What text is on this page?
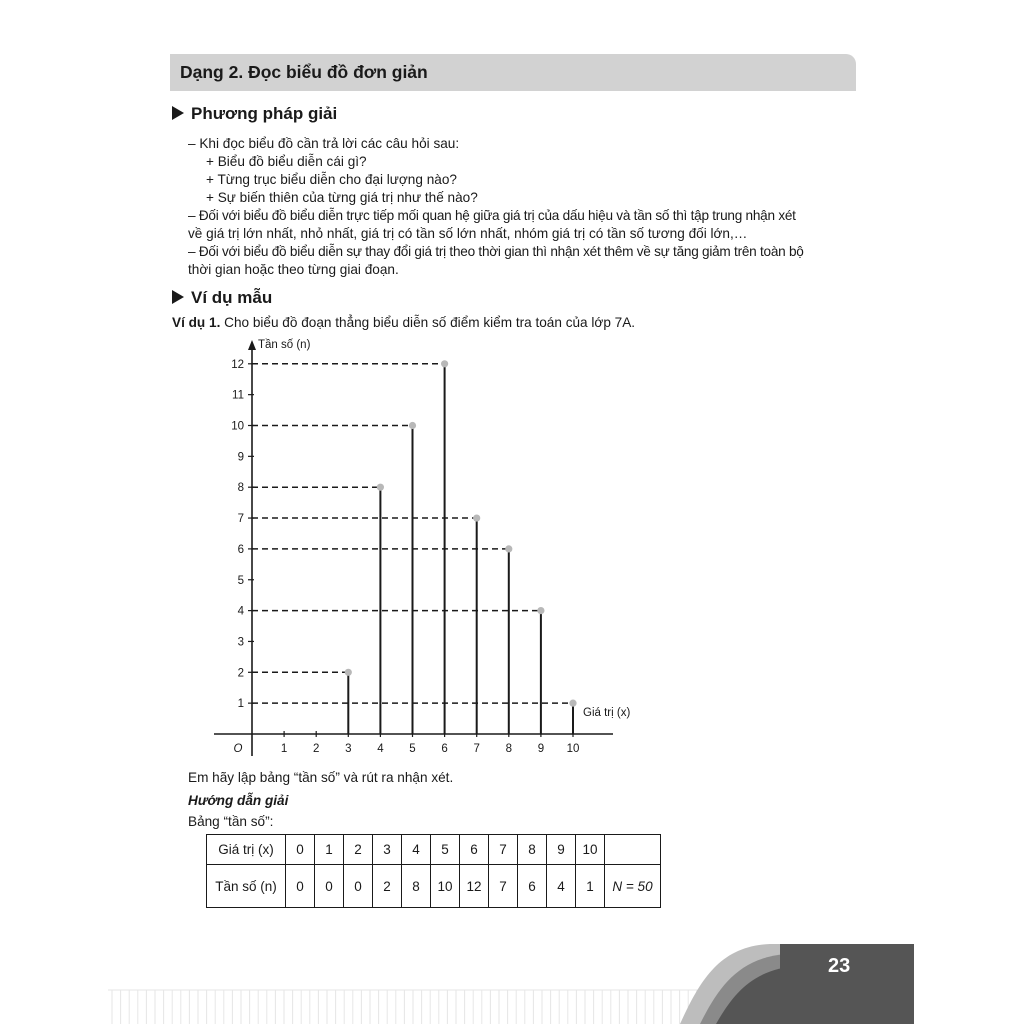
Dạng 2. Đọc biểu đồ đơn giản
Phương pháp giải
– Khi đọc biểu đồ cần trả lời các câu hỏi sau:
+ Biểu đồ biểu diễn cái gì?
+ Từng trục biểu diễn cho đại lượng nào?
+ Sự biến thiên của từng giá trị như thế nào?
– Đối với biểu đồ biểu diễn trực tiếp mối quan hệ giữa giá trị của dấu hiệu và tần số thì tập trung nhận xét
về giá trị lớn nhất, nhỏ nhất, giá trị có tần số lớn nhất, nhóm giá trị có tần số tương đối lớn,…
– Đối với biểu đồ biểu diễn sự thay đổi giá trị theo thời gian thì nhận xét thêm về sự tăng giảm trên toàn bộ
thời gian hoặc theo từng giai đoạn.
Ví dụ mẫu
Ví dụ 1. Cho biểu đồ đoạn thẳng biểu diễn số điểm kiểm tra toán của lớp 7A.
1
2
3
4
5
6
7
8
9
10
11
12
1 2 3 4 5 6 7 8 9 10
O
Tần số (n)
Giá trị (x)
Em hãy lập bảng “tần số” và rút ra nhận xét.
Hướng dẫn giải
Bảng “tần số”:
Giá trị (x)	0	1	2	3	4	5	6	7	8	9	10	
Tần số (n)	0	0	0	2	8	10	12	7	6	4	1	N = 50
23
